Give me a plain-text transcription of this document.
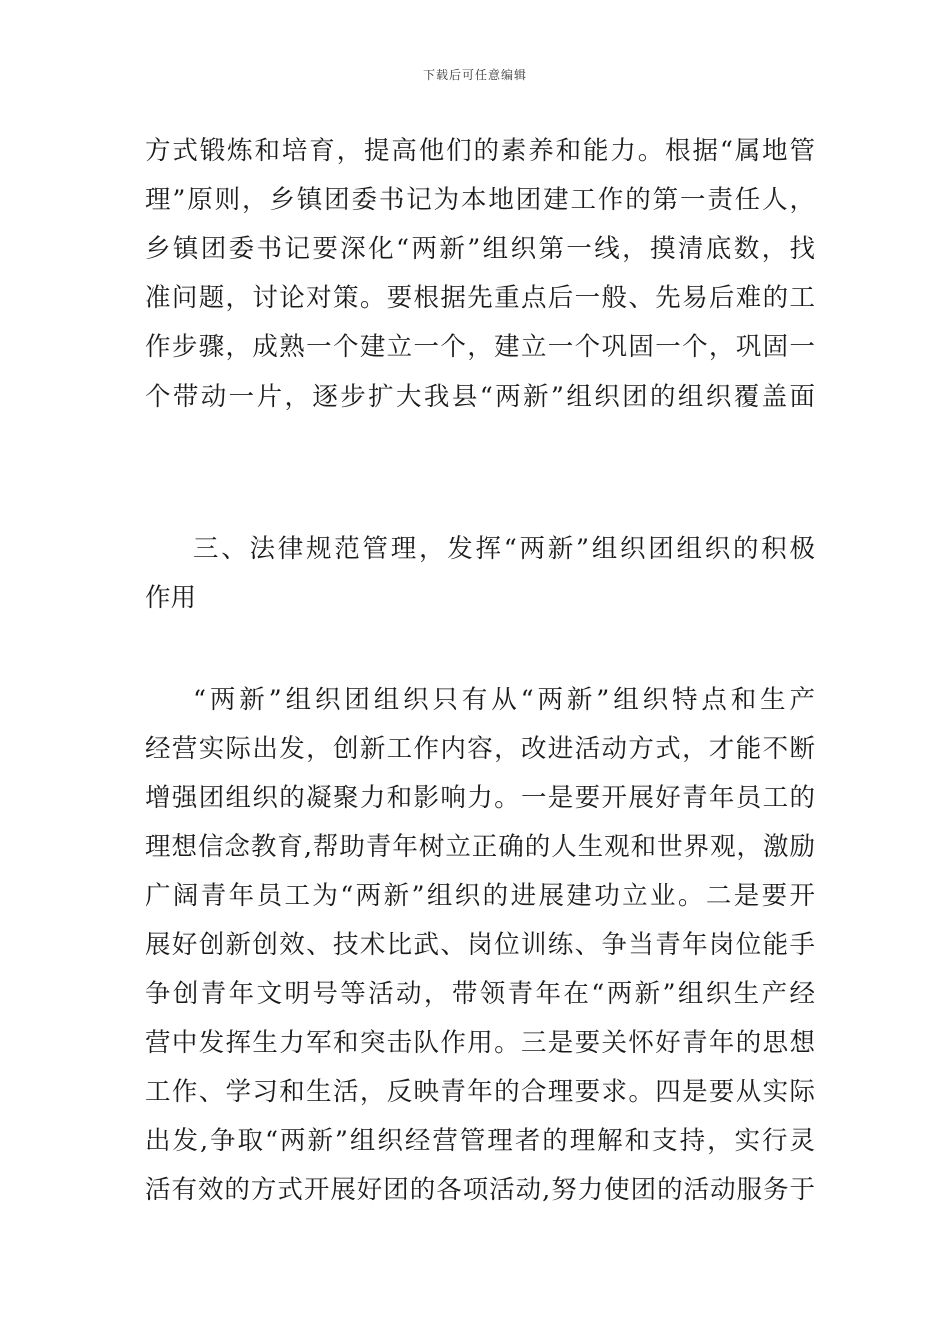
下载后可任意编辑
方式锻炼和培育，提高他们的素养和能力。根据“属地管
理”原则，乡镇团委书记为本地团建工作的第一责任人，
乡镇团委书记要深化“两新”组织第一线，摸清底数，找
准问题，讨论对策。要根据先重点后一般、先易后难的工
作步骤，成熟一个建立一个，建立一个巩固一个，巩固一
个带动一片，逐步扩大我县“两新”组织团的组织覆盖面
三、法律规范管理，发挥“两新”组织团组织的积极
作用
“两新”组织团组织只有从“两新”组织特点和生产
经营实际出发，创新工作内容，改进活动方式，才能不断
增强团组织的凝聚力和影响力。一是要开展好青年员工的
理想信念教育,帮助青年树立正确的人生观和世界观，激励
广阔青年员工为“两新”组织的进展建功立业。二是要开
展好创新创效、技术比武、岗位训练、争当青年岗位能手
争创青年文明号等活动，带领青年在“两新”组织生产经
营中发挥生力军和突击队作用。三是要关怀好青年的思想
工作、学习和生活，反映青年的合理要求。四是要从实际
出发,争取“两新”组织经营管理者的理解和支持，实行灵
活有效的方式开展好团的各项活动,努力使团的活动服务于
